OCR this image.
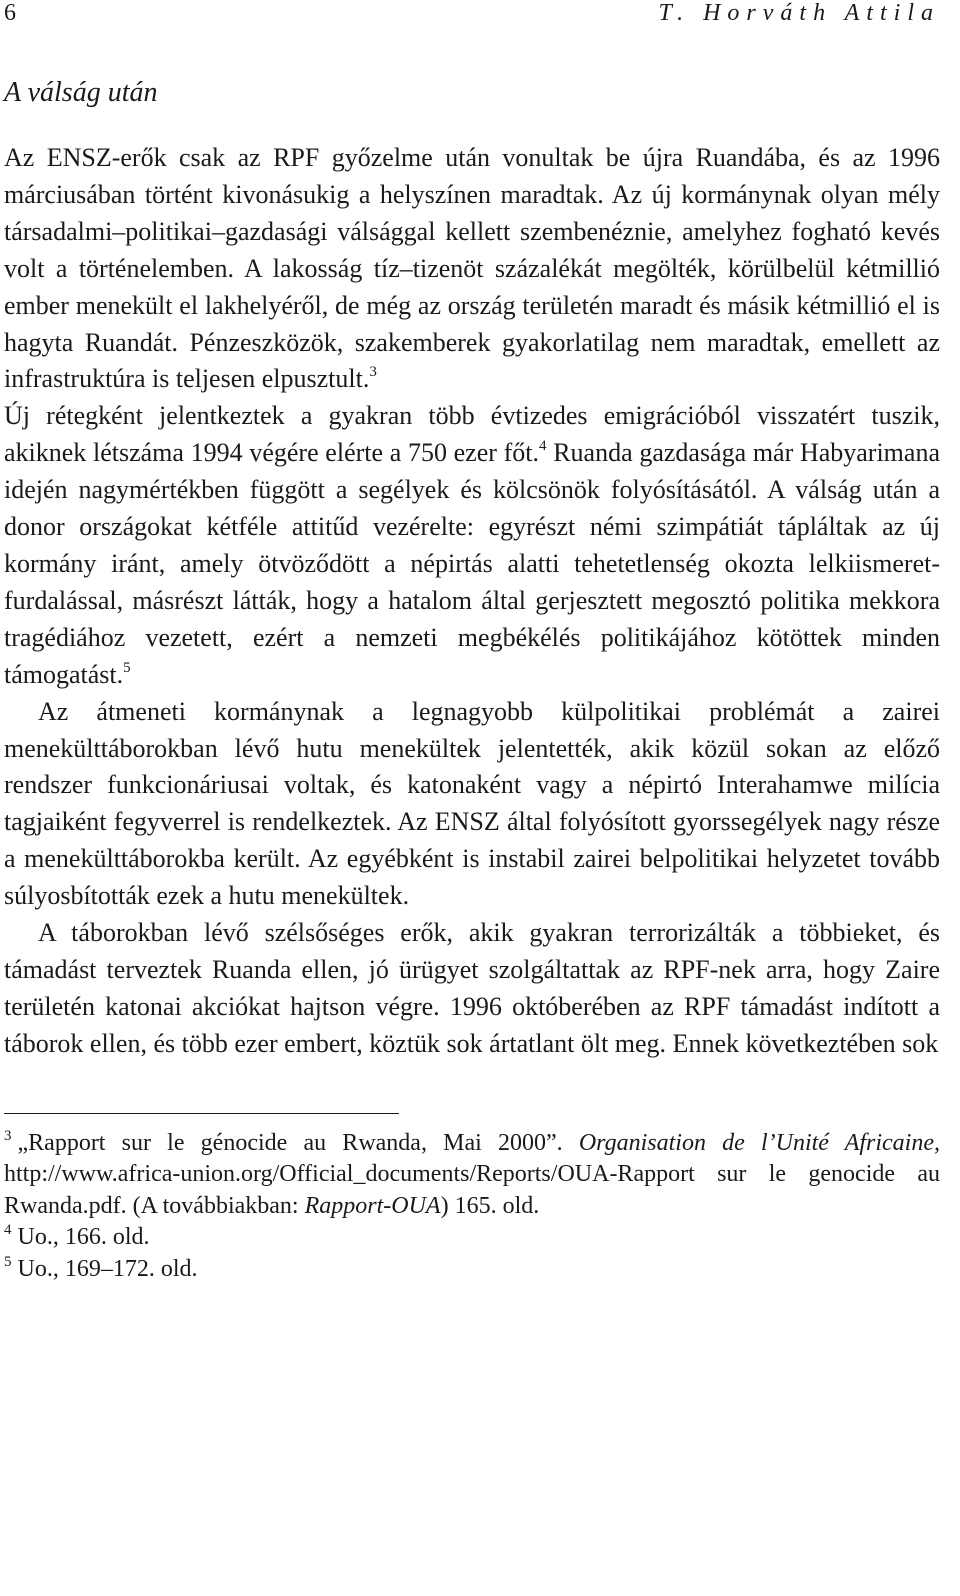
6	T. Horváth Attila
A válság után

Az ENSZ-erők csak az RPF győzelme után vonultak be újra Ruandába, és az 1996 márciusában történt kivonásukig a helyszínen maradtak. Az új kormánynak olyan mély társadalmi–politikai–gazdasági válsággal kellett szembenéznie, amelyhez fogható kevés volt a történelemben. A lakosság tíz–tizenöt százalékát megölték, körülbelül kétmillió ember menekült el lakhelyéről, de még az ország területén maradt és másik kétmillió el is hagyta Ruandát. Pénzeszközök, szakemberek gyakorlatilag nem maradtak, emellett az infrastruktúra is teljesen elpusztult.$^3$

Új rétegként jelentkeztek a gyakran több évtizedes emigrációból visszatért tuszik, akiknek létszáma 1994 végére elérte a 750 ezer főt.$^4$ Ruanda gazdasága már Habyarimana idején nagymértékben függött a segélyek és kölcsönök folyósításától. A válság után a donor országokat kétféle attitűd vezérelte: egyrészt némi szimpátiát tápláltak az új kormány iránt, amely ötvöződött a népirtás alatti tehetetlenség okozta lelkiismeret-furdalással, másrészt látták, hogy a hatalom által gerjesztett megosztó politika mekkora tragédiához vezetett, ezért a nemzeti megbékélés politikájához kötöttek minden támogatást.$^5$

Az átmeneti kormánynak a legnagyobb külpolitikai problémát a zairei menekülttáborokban lévő hutu menekültek jelentették, akik közül sokan az előző rendszer funkcionáriusai voltak, és katonaként vagy a népirtó Interahamwe milícia tagjaiként fegyverrel is rendelkeztek. Az ENSZ által folyósított gyorssegélyek nagy része a menekülttáborokba került. Az egyébként is instabil zairei belpolitikai helyzetet tovább súlyosbították ezek a hutu menekültek.

A táborokban lévő szélsőséges erők, akik gyakran terrorizálták a többieket, és támadást terveztek Ruanda ellen, jó ürügyet szolgáltattak az RPF-nek arra, hogy Zaire területén katonai akciókat hajtson végre. 1996 októberében az RPF támadást indított a táborok ellen, és több ezer embert, köztük sok ártatlant ölt meg. Ennek következtében sok

$^3$ „Rapport sur le génocide au Rwanda, Mai 2000”. Organisation de l’Unité Africaine, http://www.africa-union.org/Official_documents/Reports/OUA-Rapport sur le genocide au Rwanda.pdf. (A továbbiakban: Rapport-OUA) 165. old.

$^4$ Uo., 166. old.

$^5$ Uo., 169–172. old.
